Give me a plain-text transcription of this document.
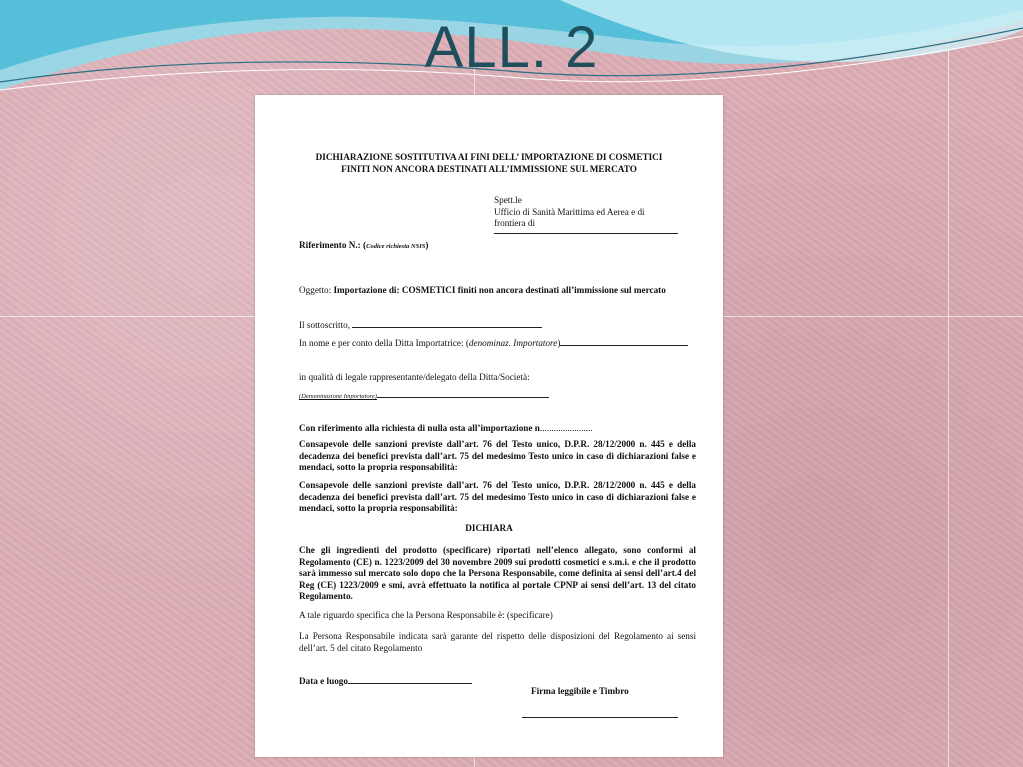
ALL. 2
DICHIARAZIONE SOSTITUTIVA AI FINI DELL’ IMPORTAZIONE DI COSMETICI
FINITI NON ANCORA DESTINATI ALL’IMMISSIONE SUL MERCATO
Spett.le
Ufficio di Sanità Marittima ed Aerea e di
frontiera di
Riferimento N.: (Codice richiesta NSIS)
Oggetto: Importazione di: COSMETICI finiti non ancora destinati all’immissione sul mercato
Il sottoscritto,
In nome e per conto della Ditta Importatrice: (denominaz. Importatore)
in qualità di legale rappresentante/delegato della Ditta/Società:
(Denominazione Importatore)
Con riferimento alla richiesta di nulla osta all’importazione n.......................
Consapevole delle sanzioni previste dall’art. 76 del Testo unico, D.P.R. 28/12/2000 n. 445 e della decadenza dei benefici prevista dall’art. 75 del medesimo Testo unico in caso di dichiarazioni false e mendaci, sotto la propria responsabilità:
Consapevole delle sanzioni previste dall’art. 76 del Testo unico, D.P.R. 28/12/2000 n. 445 e della decadenza dei benefici prevista dall’art. 75 del medesimo Testo unico in caso di dichiarazioni false e mendaci, sotto la propria responsabilità:
DICHIARA
Che gli ingredienti del prodotto (specificare) riportati nell’elenco allegato, sono conformi al Regolamento (CE) n. 1223/2009 del 30 novembre 2009 sui prodotti cosmetici e s.m.i. e che il prodotto sarà immesso sul mercato solo dopo che la Persona Responsabile, come definita ai sensi dell’art.4 del Reg (CE) 1223/2009 e smi, avrà effettuato la notifica al portale CPNP ai sensi dell’art. 13 del citato Regolamento.
A tale riguardo specifica che la Persona Responsabile è: (specificare)
La Persona Responsabile indicata sarà garante del rispetto delle disposizioni del Regolamento ai sensi dell’art. 5 del citato Regolamento
Data e luogo
Firma leggibile e Timbro
